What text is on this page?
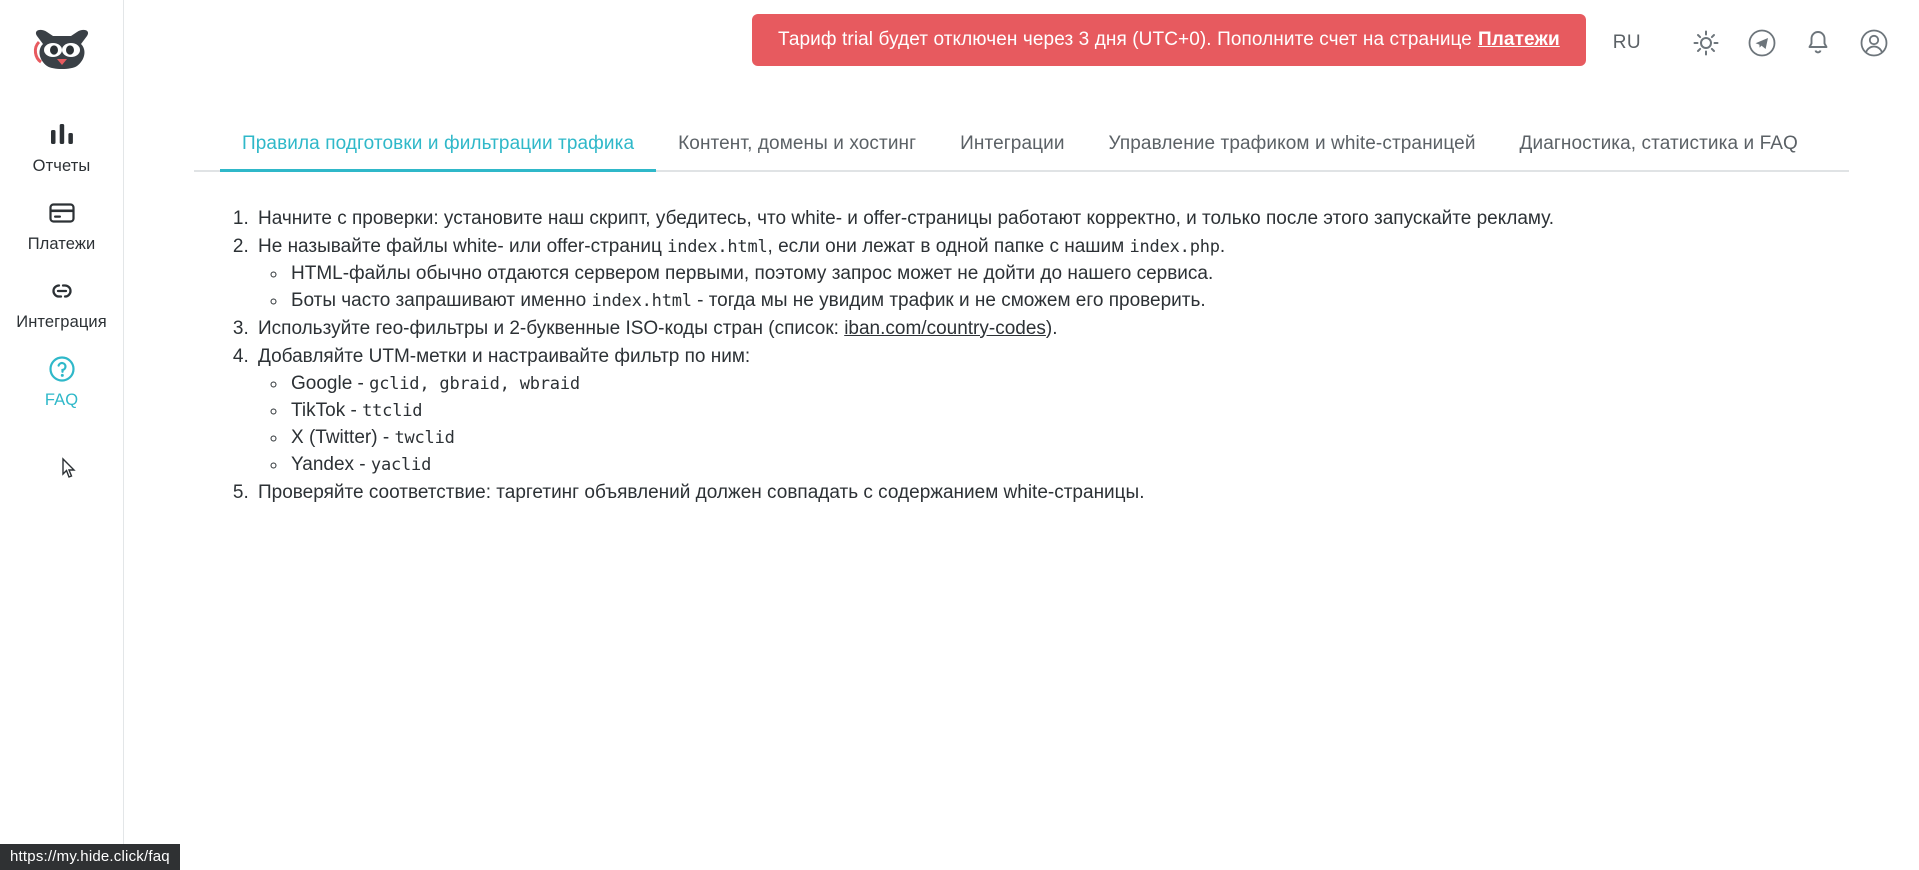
Отчеты
Платежи
Интеграция
FAQ
Тариф trial будет отключен через 3 дня (UTC+0). Пополните счет на странице Платежи	RU
Правила подготовки и фильтрации трафика	Контент, домены и хостинг	Интеграции	Управление трафиком и white-страницей	Диагностика, статистика и FAQ
1. Начните с проверки: установите наш скрипт, убедитесь, что white- и offer-страницы работают корректно, и только после этого запускайте рекламу.
2. Не называйте файлы white- или offer-страниц index.html, если они лежат в одной папке с нашим index.php.
◦ HTML-файлы обычно отдаются сервером первыми, поэтому запрос может не дойти до нашего сервиса.
◦ Боты часто запрашивают именно index.html - тогда мы не увидим трафик и не сможем его проверить.
3. Используйте гео-фильтры и 2-буквенные ISO-коды стран (список: iban.com/country-codes).
4. Добавляйте UTM-метки и настраивайте фильтр по ним:
◦ Google - gclid, gbraid, wbraid
◦ TikTok - ttclid
◦ X (Twitter) - twclid
◦ Yandex - yaclid
5. Проверяйте соответствие: таргетинг объявлений должен совпадать с содержанием white-страницы.
https://my.hide.click/faq
